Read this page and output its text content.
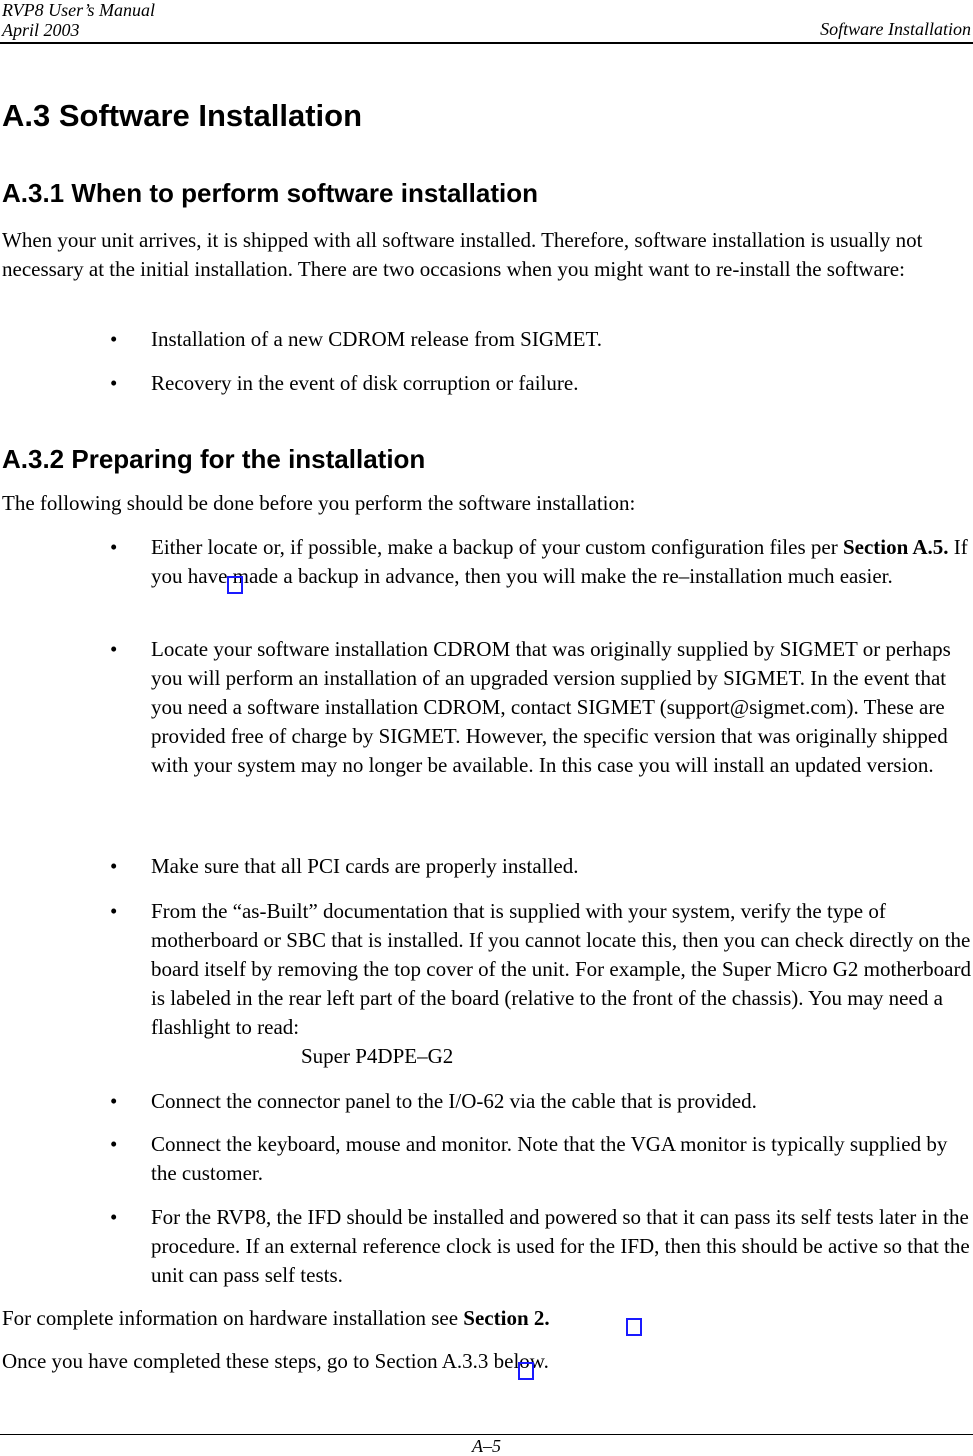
RVP8 User’s Manual
April 2003	Software Installation
A.3 Software Installation
A.3.1 When to perform software installation
When your unit arrives, it is shipped with all software installed. Therefore, software installation is usually not necessary at the initial installation. There are two occasions when you might want to re-install the software:
• Installation of a new CDROM release from SIGMET.
• Recovery in the event of disk corruption or failure.
A.3.2 Preparing for the installation
The following should be done before you perform the software installation:
• Either locate or, if possible, make a backup of your custom configuration files per Section A.5. If you have made a backup in advance, then you will make the re–installation much easier.
• Locate your software installation CDROM that was originally supplied by SIGMET or perhaps you will perform an installation of an upgraded version supplied by SIGMET. In the event that you need a software installation CDROM, contact SIGMET (support@sigmet.com). These are provided free of charge by SIGMET. However, the specific version that was originally shipped with your system may no longer be available. In this case you will install an updated version.
• Make sure that all PCI cards are properly installed.
• From the “as-Built” documentation that is supplied with your system, verify the type of motherboard or SBC that is installed. If you cannot locate this, then you can check directly on the board itself by removing the top cover of the unit. For example, the Super Micro G2 motherboard is labeled in the rear left part of the board (relative to the front of the chassis). You may need a flashlight to read:
Super P4DPE–G2
• Connect the connector panel to the I/O-62 via the cable that is provided.
• Connect the keyboard, mouse and monitor. Note that the VGA monitor is typically supplied by the customer.
• For the RVP8, the IFD should be installed and powered so that it can pass its self tests later in the procedure. If an external reference clock is used for the IFD, then this should be active so that the unit can pass self tests.
For complete information on hardware installation see Section 2.
Once you have completed these steps, go to Section A.3.3 below.
A–5
